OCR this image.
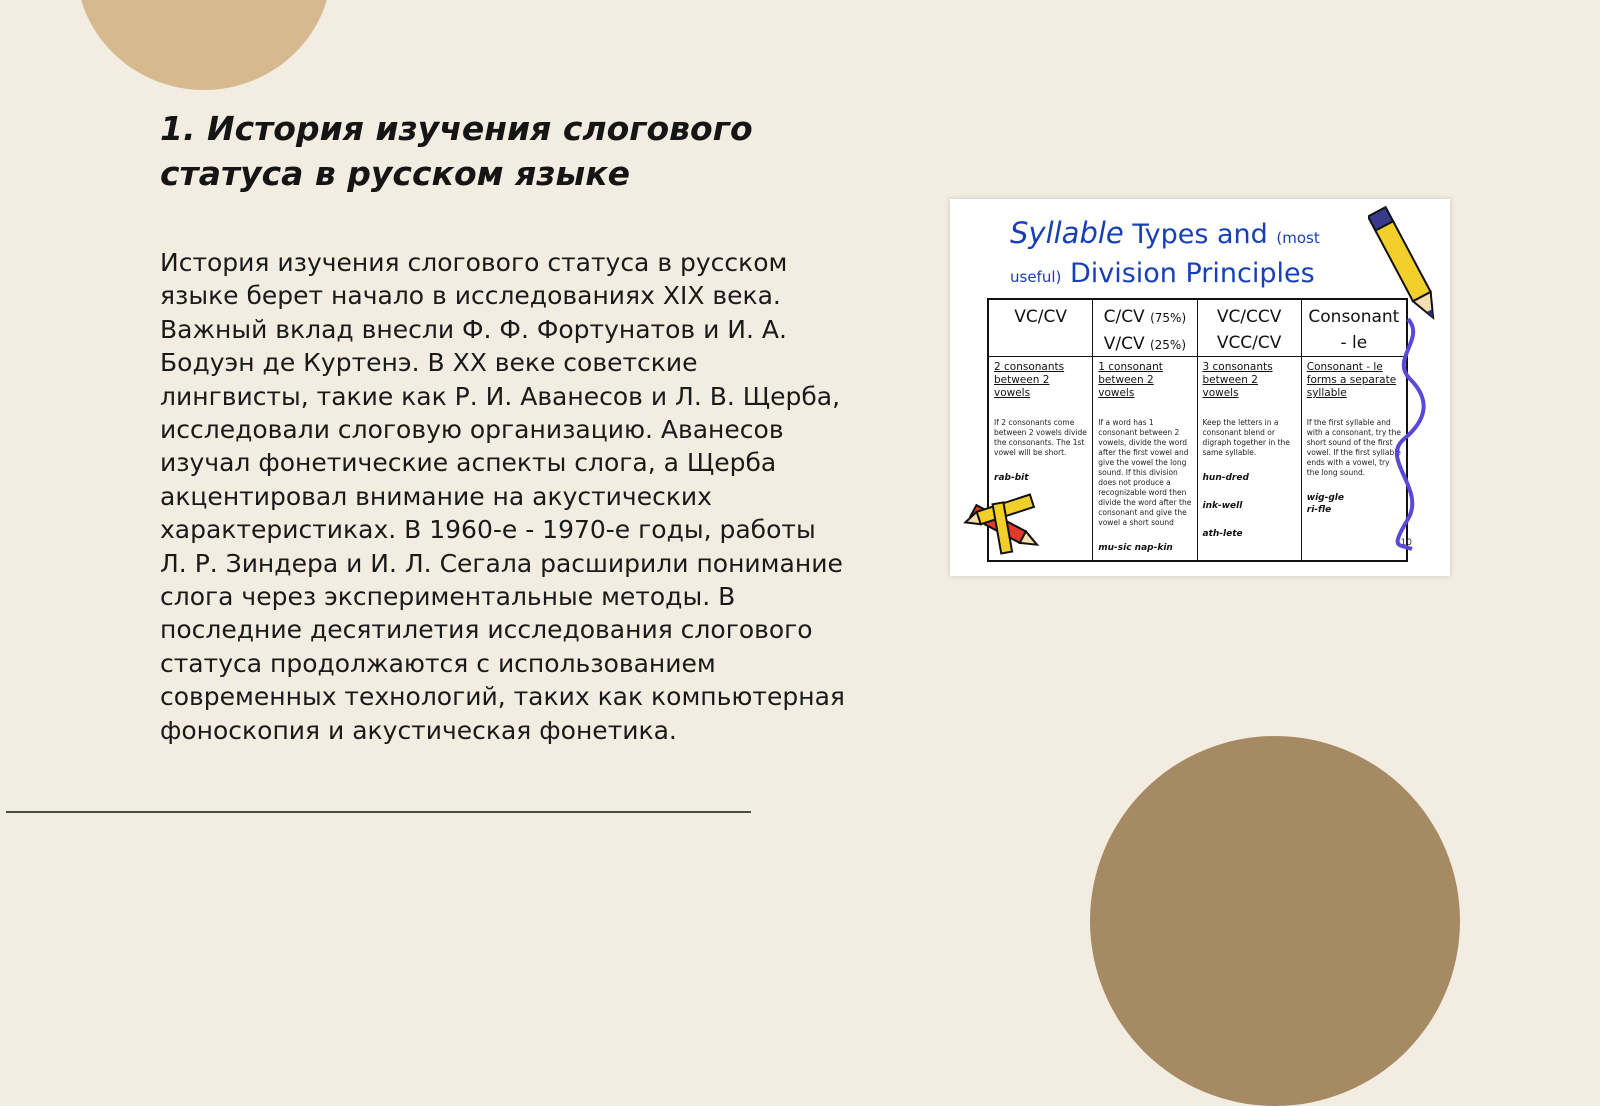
1. История изучения слогового статуса в русском языке

История изучения слогового статуса в русском языке берет начало в исследованиях XIX века. Важный вклад внесли Ф. Ф. Фортунатов и И. А. Бодуэн де Куртенэ. В XX веке советские лингвисты, такие как Р. И. Аванесов и Л. В. Щерба, исследовали слоговую организацию. Аванесов изучал фонетические аспекты слога, а Щерба акцентировал внимание на акустических характеристиках. В 1960-е - 1970-е годы, работы Л. Р. Зиндера и И. Л. Сегала расширили понимание слога через экспериментальные методы. В последние десятилетия исследования слогового статуса продолжаются с использованием современных технологий, таких как компьютерная фоноскопия и акустическая фонетика.

Syllable Types and (most
useful) Division Principles
VC/CV	C/CV (75%)
V/CV (25%)
VC/CCV
VCC/CV
Consonant
- le
2 consonants between 2 vowels
If 2 consonants come between 2 vowels divide the consonants. The 1st vowel will be short.
rab-bit
1 consonant between 2 vowels
If a word has 1 consonant between 2 vowels, divide the word after the first vowel and give the vowel the long sound. If this division does not produce a recognizable word then divide the word after the consonant and give the vowel a short sound
mu-sic nap-kin
3 consonants between 2 vowels
Keep the letters in a consonant blend or digraph together in the same syllable.
hun-dred
ink-well
ath-lete
Consonant - le forms a separate syllable
If the first syllable and with a consonant, try the short sound of the first vowel. If the first syllable ends with a vowel, try the long sound.
wig-gle
ri-fle
10
